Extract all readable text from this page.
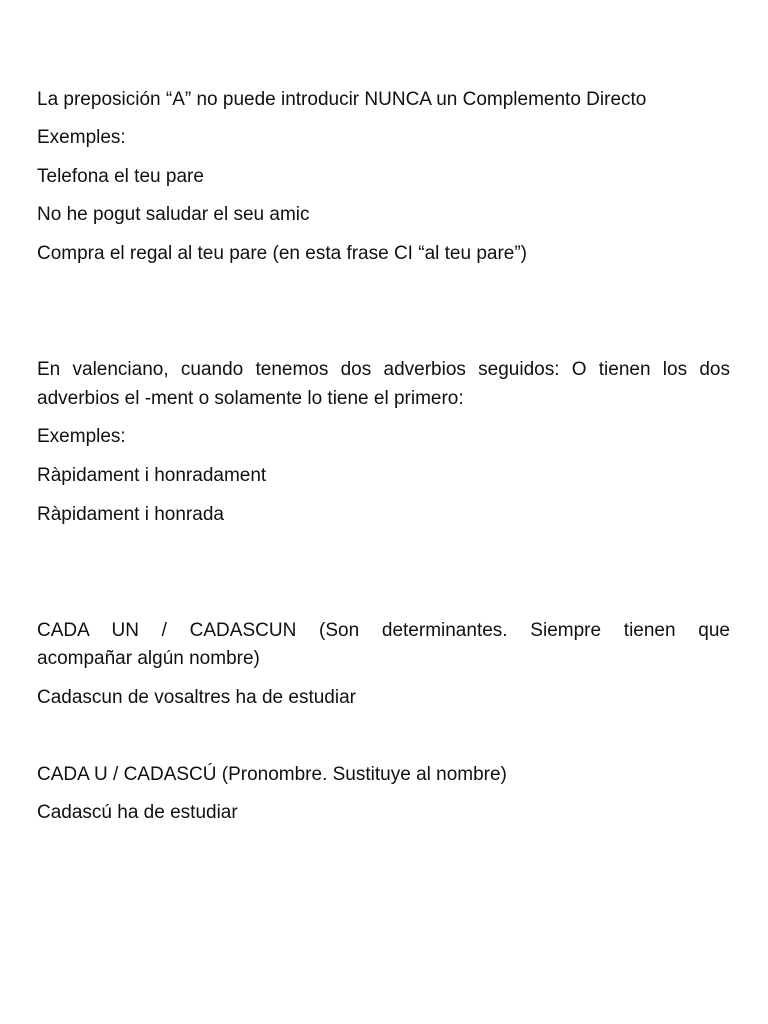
La preposición “A” no puede introducir NUNCA un Complemento Directo

Exemples:

Telefona el teu pare

No he pogut saludar el seu amic

Compra el regal al teu pare (en esta frase CI “al teu pare”)

En valenciano, cuando tenemos dos adverbios seguidos: O tienen los dos

adverbios el -ment o solamente lo tiene el primero:

Exemples:

Ràpidament i honradament

Ràpidament i honrada

CADA UN / CADASCUN (Son determinantes. Siempre tienen que

acompañar algún nombre)

Cadascun de vosaltres ha de estudiar

CADA U / CADASCÚ (Pronombre. Sustituye al nombre)

Cadascú ha de estudiar
